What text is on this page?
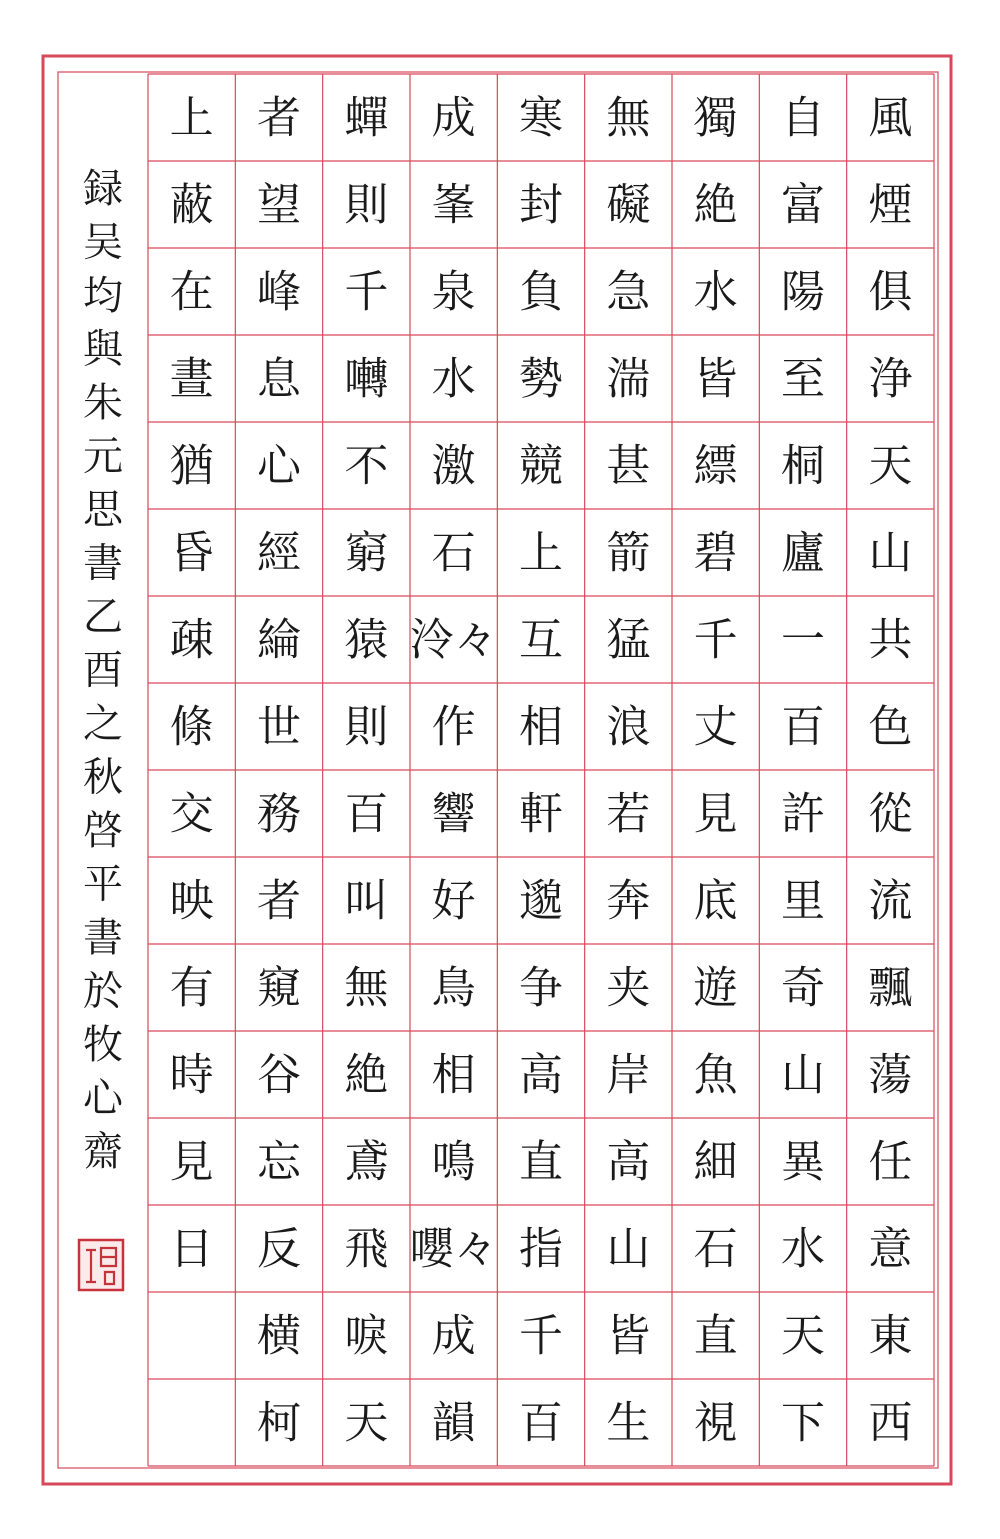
風
煙
俱
浄
天
山
共
色
從
流
飄
蕩
任
意
東
西
自
富
陽
至
桐
廬
一
百
許
里
奇
山
異
水
天
下
獨
絶
水
皆
縹
碧
千
丈
見
底
遊
魚
細
石
直
視
無
礙
急
湍
甚
箭
猛
浪
若
奔
夹
岸
高
山
皆
生
寒
封
負
勢
競
上
互
相
軒
邈
争
高
直
指
千
百
成
峯
泉
水
激
石
泠々
作
響
好
鳥
相
鳴
嚶々
成
韻
蟬
則
千
囀
不
窮
猿
則
百
叫
無
絶
鳶
飛
唳
天
者
望
峰
息
心
經
綸
世
務
者
窺
谷
忘
反
横
柯
上
蔽
在
晝
猶
昏
疎
條
交
映
有
時
見
日
録
吴
均
與
朱
元
思
書
乙
酉
之
秋
啓
平
書
於
牧
心
齋
